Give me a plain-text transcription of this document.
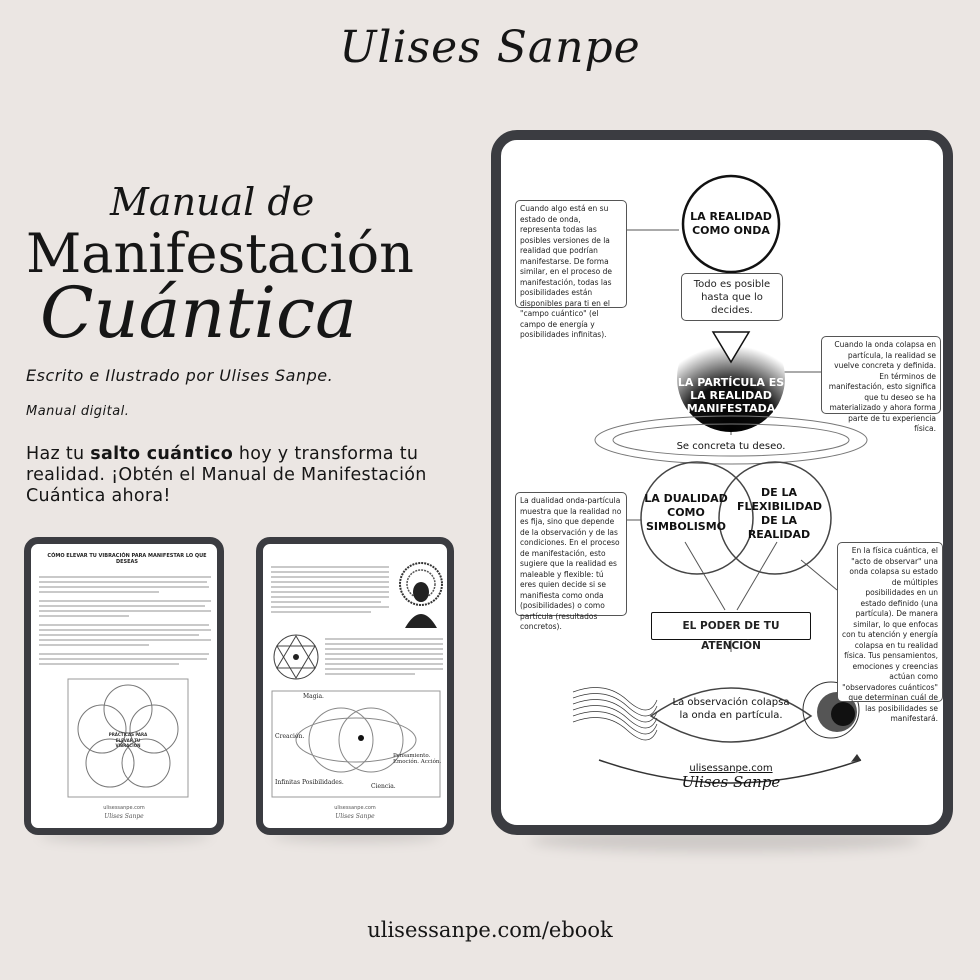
Ulises Sanpe
Manual de
Manifestación
Cuántica
Escrito e Ilustrado por Ulises Sanpe.
Manual digital.
Haz tu salto cuántico hoy y transforma tu realidad. ¡Obtén el Manual de Manifestación Cuántica ahora!
CÓMO ELEVAR TU VIBRACIÓN PARA MANIFESTAR LO QUE DESEAS
PRÁCTICAS PARA ELEVAR TU VIBRACIÓN
ulisessanpe.com
Ulises Sanpe
Magia.
Creación.
Pensamiento. Emoción. Acción.
Infinitas Posibilidades.
Ciencia.
ulisessanpe.com
Ulises Sanpe
Cuando algo está en su estado de onda, representa todas las posibles versiones de la realidad que podrían manifestarse. De forma similar, en el proceso de manifestación, todas las posibilidades están disponibles para ti en el "campo cuántico" (el campo de energía y posibilidades infinitas).
LA REALIDAD COMO ONDA
Todo es posible hasta que lo decides.
Cuando la onda colapsa en partícula, la realidad se vuelve concreta y definida. En términos de manifestación, esto significa que tu deseo se ha materializado y ahora forma parte de tu experiencia física.
LA PARTÍCULA ES LA REALIDAD MANIFESTADA
Se concreta tu deseo.
La dualidad onda-partícula muestra que la realidad no es fija, sino que depende de la observación y de las condiciones. En el proceso de manifestación, esto sugiere que la realidad es maleable y flexible: tú eres quien decide si se manifiesta como onda (posibilidades) o como partícula (resultados concretos).
LA DUALIDAD COMO SIMBOLISMO
DE LA FLEXIBILIDAD DE LA REALIDAD
En la física cuántica, el "acto de observar" una onda colapsa su estado de múltiples posibilidades en un estado definido (una partícula). De manera similar, lo que enfocas con tu atención y energía colapsa en tu realidad física. Tus pensamientos, emociones y creencias actúan como "observadores cuánticos" que determinan cuál de las posibilidades se manifestará.
EL PODER DE TU ATENCIÓN
La observación colapsa la onda en partícula.
ulisessanpe.com
Ulises Sanpe
ulisessanpe.com/ebook
